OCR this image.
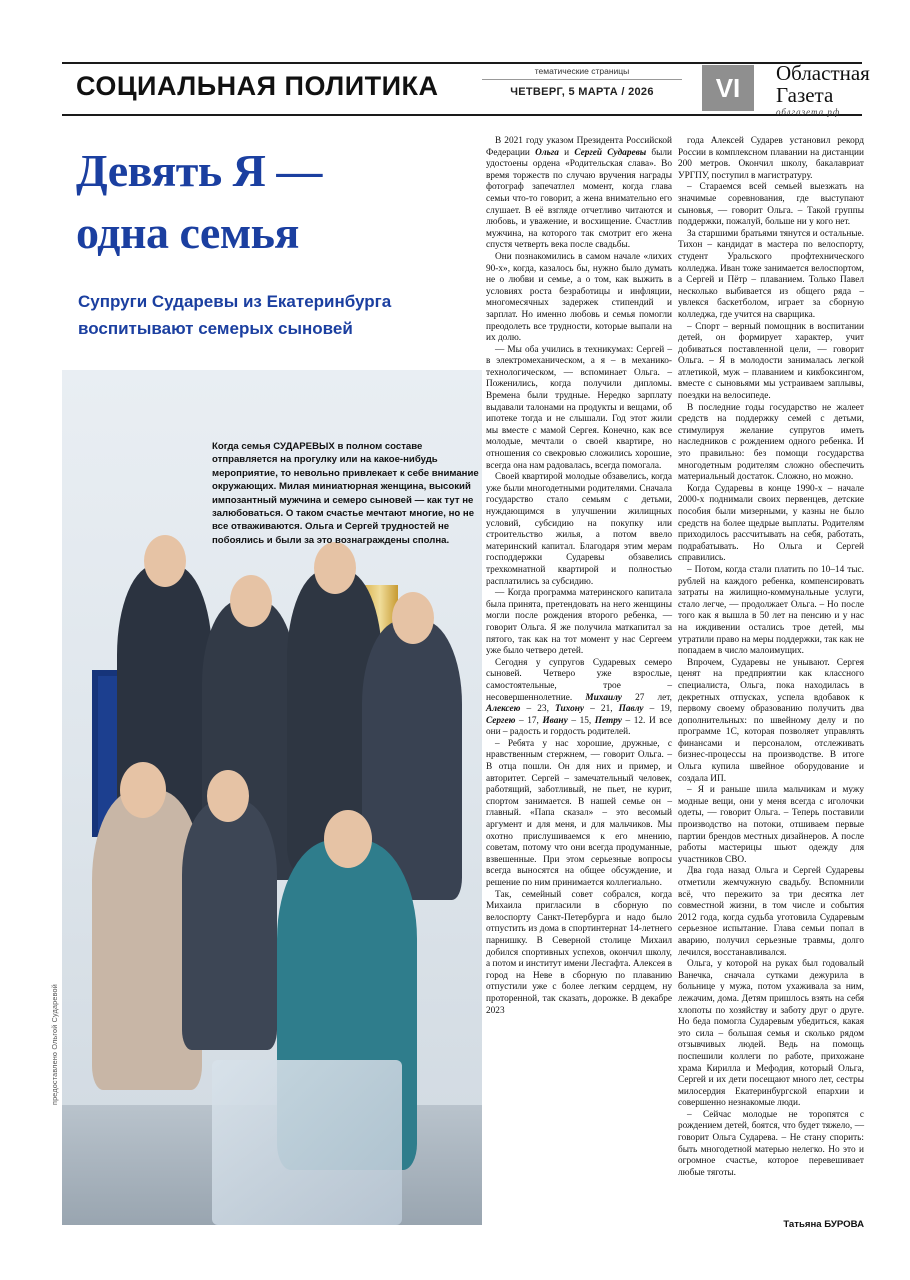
СОЦИАЛЬНАЯ ПОЛИТИКА	тематические страницы
ЧЕТВЕРГ, 5 МАРТА / 2026	VI	Областная
Газета
облгазета.рф
Девять Я —
одна семья
Супруги Сударевы из Екатеринбурга
воспитывают семерых сыновей
предоставлено Ольгой Сударевой

Когда семья СУДАРЕВЫХ в полном составе отправляется на прогулку или на какое-нибудь мероприятие, то невольно привлекает к себе внимание окружающих. Милая миниатюрная женщина, высокий импозантный мужчина и семеро сыновей — как тут не залюбоваться. О таком счастье мечтают многие, но не все отваживаются. Ольга и Сергей трудностей не побоялись и были за это вознаграждены сполна.

В 2021 году указом Президента Российской Федерации Ольга и Сергей Сударевы были удостоены ордена «Родительская слава». Во время торжеств по случаю вручения награды фотограф запечатлел момент, когда глава семьи что-то говорит, а жена внимательно его слушает. В её взгляде отчетливо читаются и любовь, и уважение, и восхищение. Счастлив мужчина, на которого так смотрит его жена спустя четверть века после свадьбы.

Они познакомились в самом начале «лихих 90-х», когда, казалось бы, нужно было думать не о любви и семье, а о том, как выжить в условиях роста безработицы и инфляции, многомесячных задержек стипендий и зарплат. Но именно любовь и семья помогли преодолеть все трудности, которые выпали на их долю.

— Мы оба учились в техникумах: Сергей – в электромеханическом, а я – в механико-технологическом, — вспоминает Ольга. – Поженились, когда получили дипломы. Времена были трудные. Нередко зарплату выдавали талонами на продукты и вещами, об ипотеке тогда и не слышали. Год этот жили мы вместе с мамой Сергея. Конечно, как все молодые, мечтали о своей квартире, но отношения со свекровью сложились хорошие, всегда она нам радовалась, всегда помогала.

Своей квартирой молодые обзавелись, когда уже были многодетными родителями. Сначала государство стало семьям с детьми, нуждающимся в улучшении жилищных условий, субсидию на покупку или строительство жилья, а потом ввело материнский капитал. Благодаря этим мерам господдержки Сударевы обзавелись трехкомнатной квартирой и полностью расплатились за субсидию.

— Когда программа материнского капитала была принята, претендовать на него женщины могли после рождения второго ребенка, — говорит Ольга. Я же получила маткапитал за пятого, так как на тот момент у нас Сергеем уже было четверо детей.

Сегодня у супругов Сударевых семеро сыновей. Четверо уже взрослые, самостоятельные, трое – несовершеннолетние. Михаилу 27 лет, Алексею – 23, Тихону – 21, Павлу – 19, Сергею – 17, Ивану – 15, Петру – 12. И все они – радость и гордость родителей.

– Ребята у нас хорошие, дружные, с нравственным стержнем, — говорит Ольга. – В отца пошли. Он для них и пример, и авторитет. Сергей – замечательный человек, работящий, заботливый, не пьет, не курит, спортом занимается. В нашей семье он – главный. «Папа сказал» – это весомый аргумент и для меня, и для мальчиков. Мы охотно прислушиваемся к его мнению, советам, потому что они всегда продуманные, взвешенные. При этом серьезные вопросы всегда выносятся на общее обсуждение, и решение по ним принимается коллегиально.

Так, семейный совет собрался, когда Михаила пригласили в сборную по велоспорту Санкт-Петербурга и надо было отпустить из дома в спортинтернат 14-летнего парнишку. В Северной столице Михаил добился спортивных успехов, окончил школу, а потом и институт имени Лесгафта. Алексея в город на Неве в сборную по плаванию отпустили уже с более легким сердцем, ну проторенной, так сказать, дорожке. В декабре 2023

года Алексей Сударев установил рекорд России в комплексном плавании на дистанции 200 метров. Окончил школу, бакалавриат УРГПУ, поступил в магистратуру.

– Стараемся всей семьей выезжать на значимые соревнования, где выступают сыновья, — говорит Ольга. – Такой группы поддержки, пожалуй, больше ни у кого нет.

За старшими братьями тянутся и остальные. Тихон – кандидат в мастера по велоспорту, студент Уральского профтехнического колледжа. Иван тоже занимается велоспортом, а Сергей и Пётр – плаванием. Только Павел несколько выбивается из общего ряда – увлекся баскетболом, играет за сборную колледжа, где учится на сварщика.

– Спорт – верный помощник в воспитании детей, он формирует характер, учит добиваться поставленной цели, — говорит Ольга. – Я в молодости занималась легкой атлетикой, муж – плаванием и кикбоксингом, вместе с сыновьями мы устраиваем заплывы, поездки на велосипеде.

В последние годы государство не жалеет средств на поддержку семей с детьми, стимулируя желание супругов иметь наследников с рождением одного ребенка. И это правильно: без помощи государства многодетным родителям сложно обеспечить материальный достаток. Сложно, но можно.

Когда Сударевы в конце 1990-х – начале 2000-х поднимали своих первенцев, детские пособия были мизерными, у казны не было средств на более щедрые выплаты. Родителям приходилось рассчитывать на себя, работать, подрабатывать. Но Ольга и Сергей справились.

– Потом, когда стали платить по 10–14 тыс. рублей на каждого ребенка, компенсировать затраты на жилищно-коммунальные услуги, стало легче, — продолжает Ольга. – Но после того как я вышла в 50 лет на пенсию и у нас на иждивении остались трое детей, мы утратили право на меры поддержки, так как не попадаем в число малоимущих.

Впрочем, Сударевы не унывают. Сергея ценят на предприятии как классного специалиста, Ольга, пока находилась в декретных отпусках, успела вдобавок к первому своему образованию получить два дополнительных: по швейному делу и по программе 1С, которая позволяет управлять финансами и персоналом, отслеживать бизнес-процессы на производстве. В итоге Ольга купила швейное оборудование и создала ИП.

– Я и раньше шила мальчикам и мужу модные вещи, они у меня всегда с иголочки одеты, — говорит Ольга. – Теперь поставили производство на потоки, отшиваем первые партии брендов местных дизайнеров. А после работы мастерицы шьют одежду для участников СВО.

Два года назад Ольга и Сергей Сударевы отметили жемчужную свадьбу. Вспомнили всё, что пережито за три десятка лет совместной жизни, в том числе и события 2012 года, когда судьба уготовила Сударевым серьезное испытание. Глава семьи попал в аварию, получил серьезные травмы, долго лечился, восстанавливался.

Ольга, у которой на руках был годовалый Ванечка, сначала сутками дежурила в больнице у мужа, потом ухаживала за ним, лежачим, дома. Детям пришлось взять на себя хлопоты по хозяйству и заботу друг о друге. Но беда помогла Сударевым убедиться, какая это сила – большая семья и сколько рядом отзывчивых людей. Ведь на помощь поспешили коллеги по работе, прихожане храма Кирилла и Мефодия, который Ольга, Сергей и их дети посещают много лет, сестры милосердия Екатеринбургской епархии и совершенно незнакомые люди.

– Сейчас молодые не торопятся с рождением детей, боятся, что будет тяжело, — говорит Ольга Сударева. – Не стану спорить: быть многодетной матерью нелегко. Но это и огромное счастье, которое перевешивает любые тяготы.

Татьяна БУРОВА
